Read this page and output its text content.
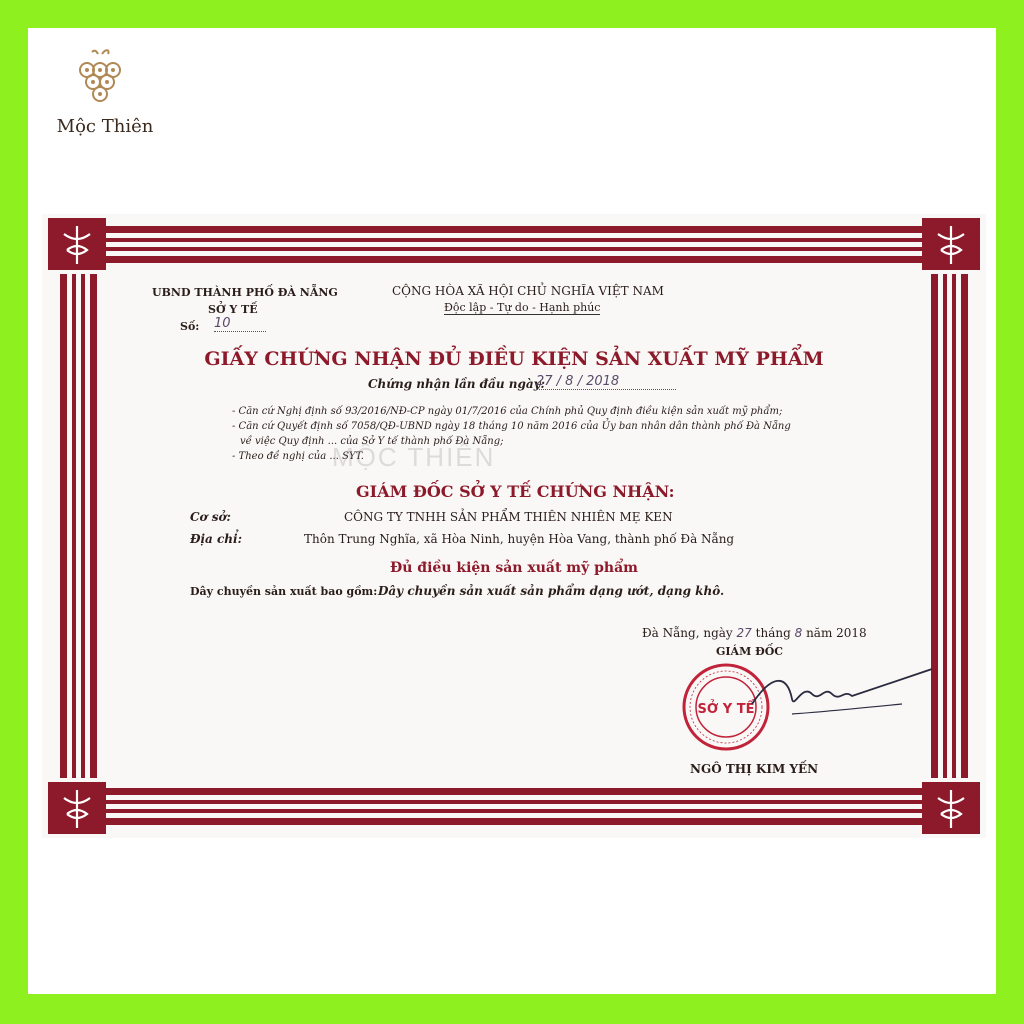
Mộc Thiên
UBND THÀNH PHỐ ĐÀ NẴNG
SỞ Y TẾ
Số: 10
CỘNG HÒA XÃ HỘI CHỦ NGHĨA VIỆT NAM
Độc lập - Tự do - Hạnh phúc
GIẤY CHỨNG NHẬN ĐỦ ĐIỀU KIỆN SẢN XUẤT MỸ PHẨM
Chứng nhận lần đầu ngày:
27 / 8 / 2018
- Căn cứ Nghị định số 93/2016/NĐ-CP ngày 01/7/2016 của Chính phủ Quy định điều kiện sản xuất mỹ phẩm;
- Căn cứ Quyết định số 7058/QĐ-UBND ngày 18 tháng 10 năm 2016 của Ủy ban nhân dân thành phố Đà Nẵng
về việc Quy định ... của Sở Y tế thành phố Đà Nẵng;
- Theo đề nghị của ... SYT.
MỘC THIÊN
GIÁM ĐỐC SỞ Y TẾ CHỨNG NHẬN:
Cơ sở:	CÔNG TY TNHH SẢN PHẨM THIÊN NHIÊN MẸ KEN
Địa chỉ:	Thôn Trung Nghĩa, xã Hòa Ninh, huyện Hòa Vang, thành phố Đà Nẵng
Đủ điều kiện sản xuất mỹ phẩm
Dây chuyền sản xuất bao gồm: Dây chuyền sản xuất sản phẩm dạng ướt, dạng khô.
Đà Nẵng, ngày 27 tháng 8 năm 2018
GIÁM ĐỐC
SỞ Y TẾ
NGÔ THỊ KIM YẾN
